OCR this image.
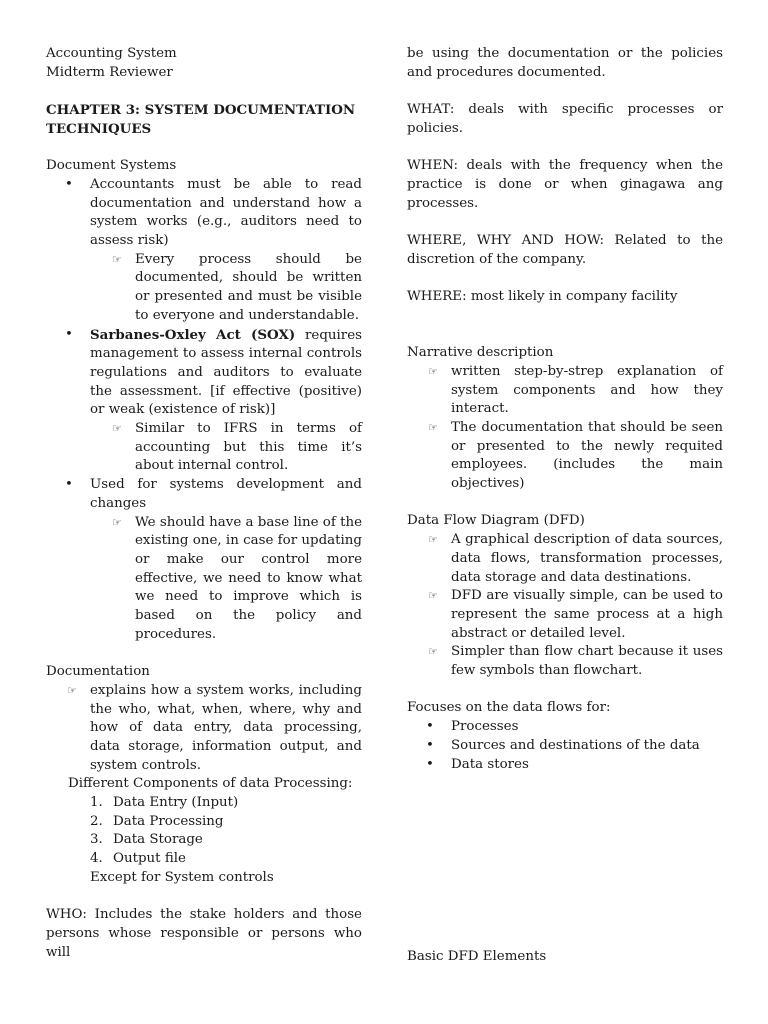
Accounting System

Midterm Reviewer

CHAPTER 3: SYSTEM DOCUMENTATION TECHNIQUES

Document Systems

• Accountants must be able to read documentation and understand how a system works (e.g., auditors need to assess risk)
☞ Every process should be documented, should be written or presented and must be visible to everyone and understandable.
• Sarbanes-Oxley Act (SOX) requires management to assess internal controls regulations and auditors to evaluate the assessment. [if effective (positive) or weak (existence of risk)]
☞ Similar to IFRS in terms of accounting but this time it’s about internal control.
• Used for systems development and changes
☞ We should have a base line of the existing one, in case for updating or make our control more effective, we need to know what we need to improve which is based on the policy and procedures.

Documentation

☞ explains how a system works, including the who, what, when, where, why and how of data entry, data processing, data storage, information output, and system controls.

Different Components of data Processing:

1. Data Entry (Input)
2. Data Processing
3. Data Storage
4. Output file

Except for System controls

WHO: Includes the stake holders and those persons whose responsible or persons who will

be using the documentation or the policies and procedures documented.

WHAT: deals with specific processes or policies.

WHEN: deals with the frequency when the practice is done or when ginagawa ang processes.

WHERE, WHY AND HOW: Related to the discretion of the company.

WHERE: most likely in company facility

Narrative description

☞ written step-by-strep explanation of system components and how they interact.
☞ The documentation that should be seen or presented to the newly requited employees. (includes the main objectives)

Data Flow Diagram (DFD)

☞ A graphical description of data sources, data flows, transformation processes, data storage and data destinations.
☞ DFD are visually simple, can be used to represent the same process at a high abstract or detailed level.
☞ Simpler than flow chart because it uses few symbols than flowchart.

Focuses on the data flows for:

• Processes
• Sources and destinations of the data
• Data stores

Basic DFD Elements
